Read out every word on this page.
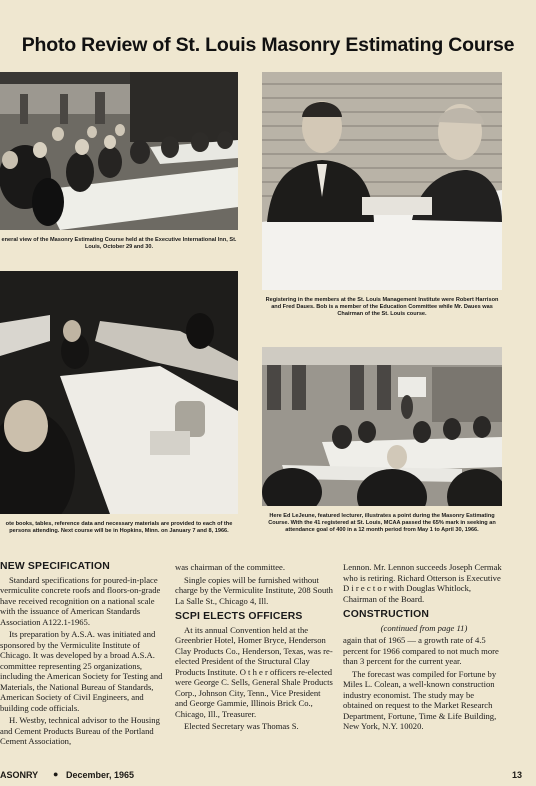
Photo Review of St. Louis Masonry Estimating Course
eneral view of the Masonry Estimating Course held at the Executive International Inn, St. Louis, October 29 and 30.
Registering in the members at the St. Louis Management Institute were Robert Harrison and Fred Daues. Bob is a member of the Education Committee while Mr. Daues was Chairman of the St. Louis course.
ote books, tables, reference data and necessary materials are provided to each of the persons attending. Next course will be in Hopkins, Minn. on January 7 and 8, 1966.
Here Ed LeJeune, featured lecturer, illustrates a point during the Masonry Estimating Course. With the 41 registered at St. Louis, MCAA passed the 65% mark in seeking an attendance goal of 400 in a 12 month period from May 1 to April 30, 1966.
NEW SPECIFICATION

Standard specifications for poured-in-place vermiculite concrete roofs and floors-on-grade have received recognition on a national scale with the issuance of American Standards Association A122.1-1965.

Its preparation by A.S.A. was initiated and sponsored by the Vermiculite Institute of Chicago. It was developed by a broad A.S.A. committee representing 25 organizations, including the American Society for Testing and Materials, the National Bureau of Standards, American Society of Civil Engineers, and building code officials.

H. Westby, technical advisor to the Housing and Cement Products Bureau of the Portland Cement Association,

was chairman of the committee.

Single copies will be furnished without charge by the Vermiculite Institute, 208 South La Salle St., Chicago 4, Ill.

SCPI ELECTS OFFICERS

At its annual Convention held at the Greenbrier Hotel, Homer Bryce, Henderson Clay Products Co., Henderson, Texas, was re-elected President of the Structural Clay Products Institute. O t h e r officers re-elected were George C. Sells, General Shale Products Corp., Johnson City, Tenn., Vice President and George Gammie, Illinois Brick Co., Chicago, Ill., Treasurer.

Elected Secretary was Thomas S.

Lennon. Mr. Lennon succeeds Joseph Cermak who is retiring. Richard Otterson is Executive D i r e c t o r with Douglas Whitlock, Chairman of the Board.

CONSTRUCTION

(continued from page 11)

again that of 1965 — a growth rate of 4.5 percent for 1966 compared to not much more than 3 percent for the current year.

The forecast was compiled for Fortune by Miles L. Colean, a well-known construction industry economist. The study may be obtained on request to the Market Research Department, Fortune, Time & Life Building, New York, N.Y. 10020.

ASONRY ● December, 1965	13
